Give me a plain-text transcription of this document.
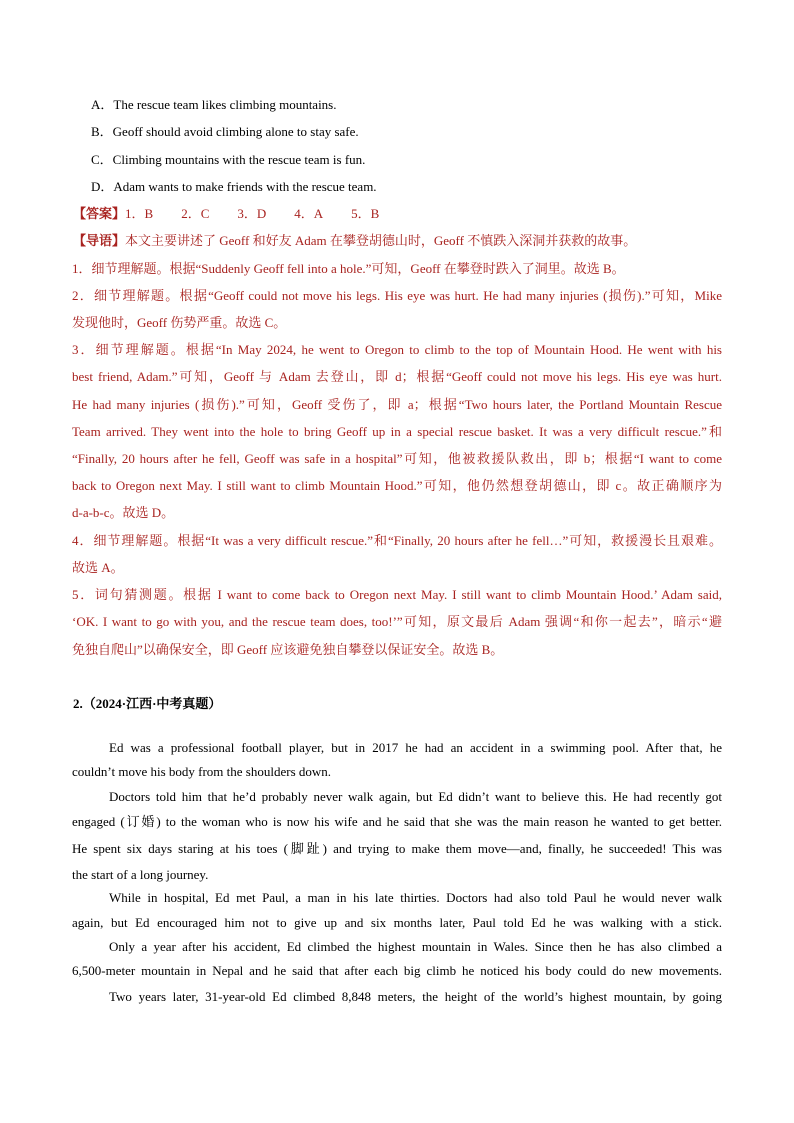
A．The rescue team likes climbing mountains.
B．Geoff should avoid climbing alone to stay safe.
C．Climbing mountains with the rescue team is fun.
D．Adam wants to make friends with the rescue team.
【答案】1．B 2．C 3．D 4．A 5．B
【导语】本文主要讲述了 Geoff 和好友 Adam 在攀登胡德山时，Geoff 不慎跌入深洞并获救的故事。
1．细节理解题。根据“Suddenly Geoff fell into a hole.”可知，Geoff 在攀登时跌入了洞里。故选 B。
2．细节理解题。根据“Geoff could not move his legs. His eye was hurt. He had many injuries (损伤).”可知，Mike
发现他时，Geoff 伤势严重。故选 C。
3．细节理解题。根据“In May 2024, he went to Oregon to climb to the top of Mountain Hood. He went with his
best friend, Adam.”可知，Geoff 与 Adam 去登山，即 d；根据“Geoff could not move his legs. His eye was hurt.
He had many injuries (损伤).”可知，Geoff 受伤了，即 a；根据“Two hours later, the Portland Mountain Rescue
Team arrived. They went into the hole to bring Geoff up in a special rescue basket. It was a very difficult rescue.”和
“Finally, 20 hours after he fell, Geoff was safe in a hospital”可知，他被救援队救出，即 b；根据“I want to come
back to Oregon next May. I still want to climb Mountain Hood.”可知，他仍然想登胡德山，即 c。故正确顺序为
d-a-b-c。故选 D。
4．细节理解题。根据“It was a very difficult rescue.”和“Finally, 20 hours after he fell…”可知，救援漫长且艰难。
故选 A。
5．词句猜测题。根据 I want to come back to Oregon next May. I still want to climb Mountain Hood.’ Adam said,
‘OK. I want to go with you, and the rescue team does, too!’”可知，原文最后 Adam 强调“和你一起去”，暗示“避
免独自爬山”以确保安全，即 Geoff 应该避免独自攀登以保证安全。故选 B。
2.（2024·江西·中考真题）
Ed was a professional football player, but in 2017 he had an accident in a swimming pool. After that, he
couldn’t move his body from the shoulders down.
Doctors told him that he’d probably never walk again, but Ed didn’t want to believe this. He had recently got
engaged (订婚) to the woman who is now his wife and he said that she was the main reason he wanted to get better.
He spent six days staring at his toes (脚趾) and trying to make them move—and, finally, he succeeded! This was
the start of a long journey.
While in hospital, Ed met Paul, a man in his late thirties. Doctors had also told Paul he would never walk
again, but Ed encouraged him not to give up and six months later, Paul told Ed he was walking with a stick.
Only a year after his accident, Ed climbed the highest mountain in Wales. Since then he has also climbed a
6,500-meter mountain in Nepal and he said that after each big climb he noticed his body could do new movements.
Two years later, 31-year-old Ed climbed 8,848 meters, the height of the world’s highest mountain, by going
